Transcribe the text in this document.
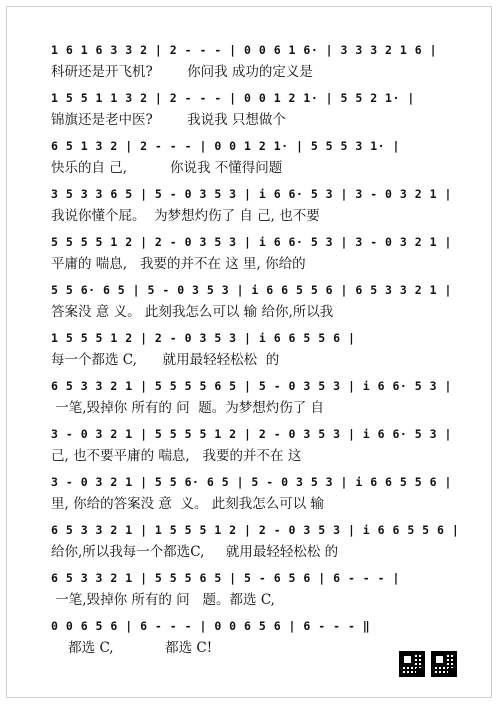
1 6 1 6 3 3 2 | 2 - - - | 0 0 6 1 6· | 3 3 3 2 1 6 |
科研还是开飞机?        你问我 成功的定义是
1 5 5 1 1 3 2 | 2 - - - | 0 0 1 2 1· | 5 5 2 1· |
锦旗还是老中医?        我说我 只想做个
6 5 1 3 2 | 2 - - - | 0 0 1 2 1· | 5 5 5 3 1· |
快乐的自 己,          你说我 不懂得问题
3 5 3 3 6 5 | 5 - 0 3 5 3 | i 6 6· 5 3 | 3 - 0 3 2 1 |
我说你懂个屁。  为梦想灼伤了 自 己, 也不要
5 5 5 5 1 2 | 2 - 0 3 5 3 | i 6 6· 5 3 | 3 - 0 3 2 1 |
平庸的 喘息,   我要的并不在 这 里, 你给的
5 5 6· 6 5 | 5 - 0 3 5 3 | i 6 6 5 5 6 | 6 5 3 3 2 1 |
答案没 意 义。 此刻我怎么可以 输 给你,所以我
1 5 5 5 1 2 | 2 - 0 3 5 3 | i 6 6 5 5 6 |
每一个都选 C,      就用最轻轻松松  的
6 5 3 3 2 1 | 5 5 5 5 6 5 | 5 - 0 3 5 3 | i 6 6· 5 3 |
一笔,毁掉你 所有的 问  题。为梦想灼伤了 自
3 - 0 3 2 1 | 5 5 5 5 1 2 | 2 - 0 3 5 3 | i 6 6· 5 3 |
己, 也不要平庸的 喘息,   我要的并不在 这
3 - 0 3 2 1 | 5 5 6· 6 5 | 5 - 0 3 5 3 | i 6 6 5 5 6 |
里, 你给的答案没 意  义。 此刻我怎么可以 输
6 5 3 3 2 1 | 1 5 5 5 1 2 | 2 - 0 3 5 3 | i 6 6 5 5 6 |
给你,所以我每一个都选C,     就用最轻轻松松 的
6 5 3 3 2 1 | 5 5 5 6 5 | 5 - 6 5 6 | 6 - - - |
一笔,毁掉你 所有的 问   题。都选 C,
0 0 6 5 6 | 6 - - - | 0 0 6 5 6 | 6 - - - ‖
都选 C,            都选 C!
